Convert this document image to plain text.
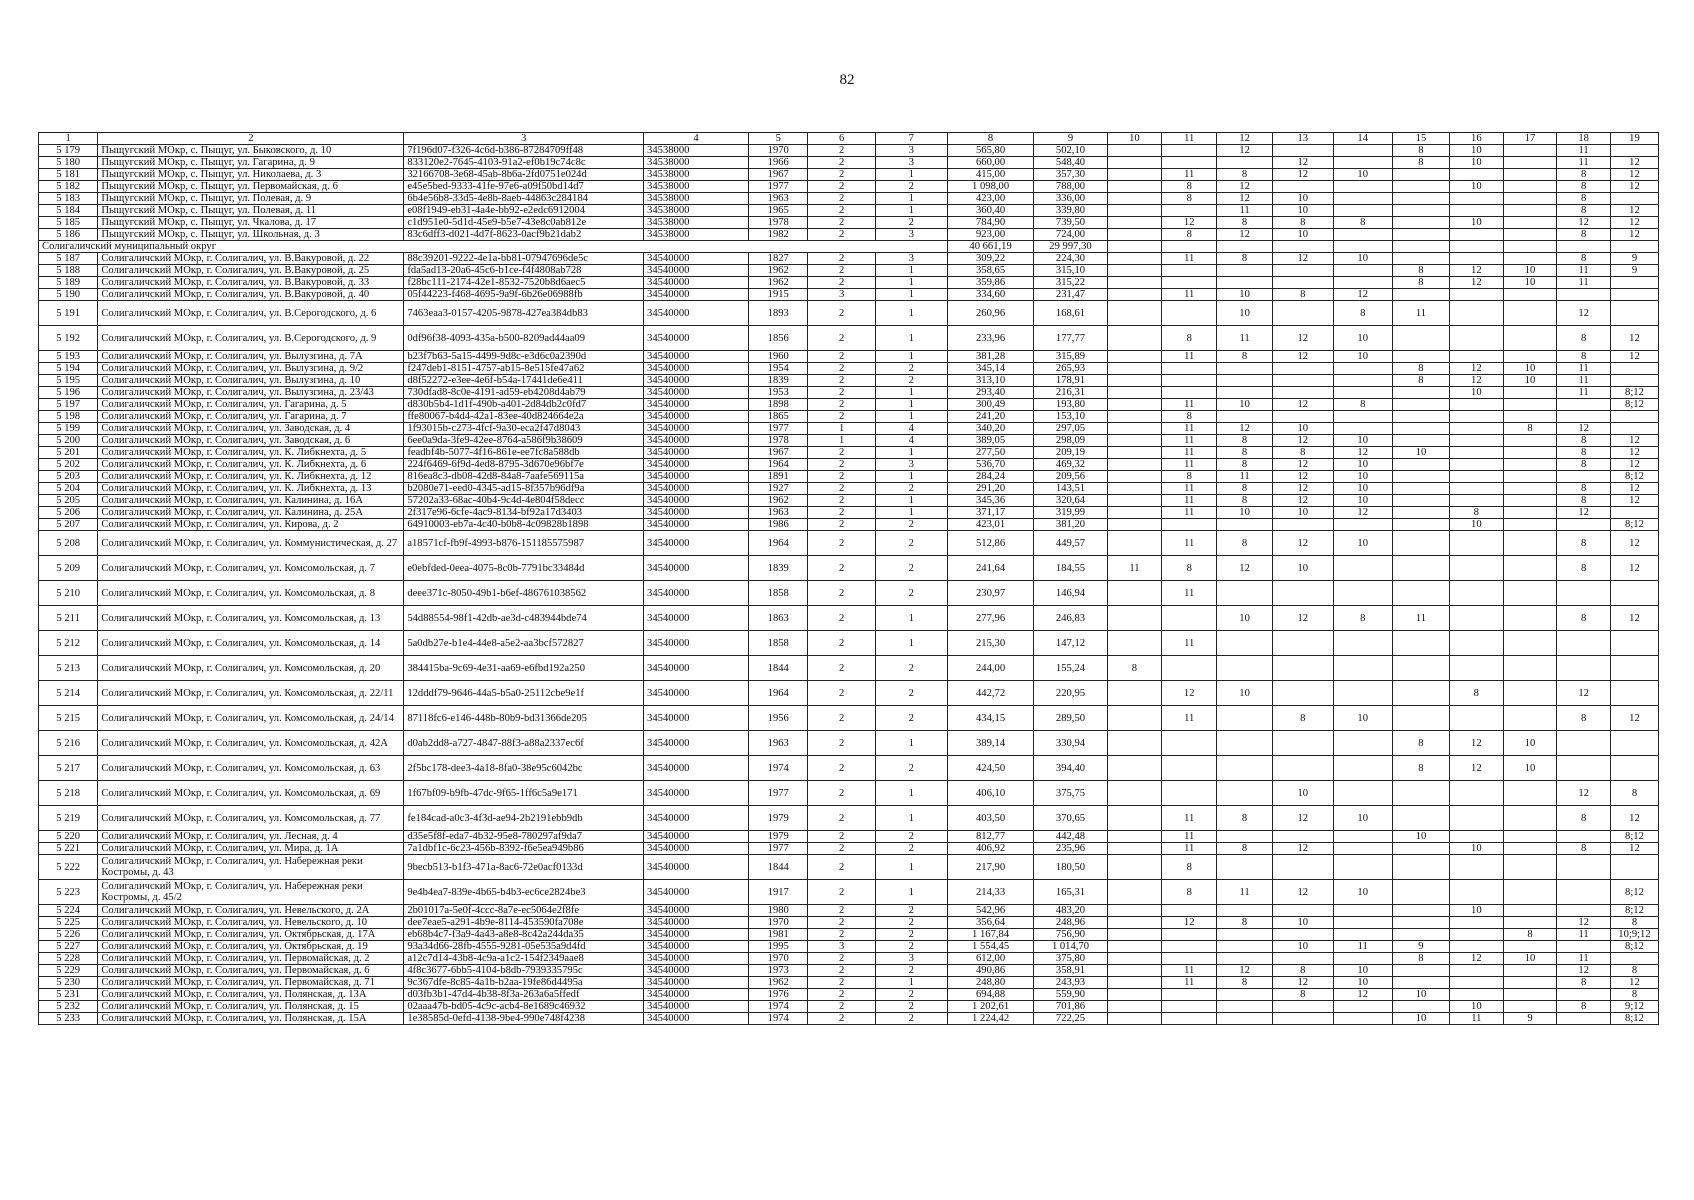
82
1	2	3	4	5	6	7	8	9	10	11	12	13	14	15	16	17	18	19
5 179	Пыщугский МОкр, с. Пыщуг, ул. Быковского, д. 10	7f196d07-f326-4c6d-b386-87284709ff48	34538000	1970	2	3	565,80	502,10			12			8	10		11	
5 180	Пыщугский МОкр, с. Пыщуг, ул. Гагарина, д. 9	833120e2-7645-4103-91a2-ef0b19c74c8c	34538000	1966	2	3	660,00	548,40				12		8	10		11	12
5 181	Пыщугский МОкр, с. Пыщуг, ул. Николаева, д. 3	32166708-3e68-45ab-8b6a-2fd0751e024d	34538000	1967	2	1	415,00	357,30		11	8	12	10				8	12
5 182	Пыщугский МОкр, с. Пыщуг, ул. Первомайская, д. 6	e45e5bed-9333-41fe-97e6-a09f50bd14d7	34538000	1977	2	2	1 098,00	788,00		8	12				10		8	12
5 183	Пыщугский МОкр, с. Пыщуг, ул. Полевая, д. 9	6b4e56b8-33d5-4e8b-8aeb-44863c284184	34538000	1963	2	1	423,00	336,00		8	12	10					8	
5 184	Пыщугский МОкр, с. Пыщуг, ул. Полевая, д. 11	e08f1949-eb31-4a4e-bb92-e2edc6912004	34538000	1965	2	1	360,40	339,80			11	10					8	12
5 185	Пыщугский МОкр, с. Пыщуг, ул. Чкалова, д. 17	c1d951e0-5d1d-45e9-b5e7-43e8c0ab812e	34538000	1978	2	2	784,90	739,50		12	8	8	8		10		12	12
5 186	Пыщугский МОкр, с. Пыщуг, ул. Школьная, д. 3	83c6dff3-d021-4d7f-8623-0acf9b21dab2	34538000	1982	2	3	923,00	724,00		8	12	10					8	12
Солигаличский муниципальный округ							40 661,19	29 997,30										
5 187	Солигаличский МОкр, г. Солигалич, ул. В.Вакуровой, д. 22	88c39201-9222-4e1a-bb81-07947696de5c	34540000	1827	2	3	309,22	224,30		11	8	12	10				8	9
5 188	Солигаличский МОкр, г. Солигалич, ул. В.Вакуровой, д. 25	fda5ad13-20a6-45c6-b1ce-f4f4808ab728	34540000	1962	2	1	358,65	315,10						8	12	10	11	9
5 189	Солигаличский МОкр, г. Солигалич, ул. В.Вакуровой, д. 33	f28bc111-2174-42e1-8532-7520b8d6aec5	34540000	1962	2	1	359,86	315,22						8	12	10	11	
5 190	Солигаличский МОкр, г. Солигалич, ул. В.Вакуровой, д. 40	05f44223-f468-4695-9a9f-6b26e06988fb	34540000	1915	3	1	334,60	231,47		11	10	8	12					
5 191	Солигаличский МОкр, г. Солигалич, ул. В.Серогодского, д. 6	7463eaa3-0157-4205-9878-427ea384db83	34540000	1893	2	1	260,96	168,61			10		8	11			12	
5 192	Солигаличский МОкр, г. Солигалич, ул. В.Серогодского, д. 9	0df96f38-4093-435a-b500-8209ad44aa09	34540000	1856	2	1	233,96	177,77		8	11	12	10				8	12
5 193	Солигаличский МОкр, г. Солигалич, ул. Вылузгина, д. 7А	b23f7b63-5a15-4499-9d8c-e3d6c0a2390d	34540000	1960	2	1	381,28	315,89		11	8	12	10				8	12
5 194	Солигаличский МОкр, г. Солигалич, ул. Вылузгина, д. 9/2	f247deb1-8151-4757-ab15-8e515fe47a62	34540000	1954	2	2	345,14	265,93						8	12	10	11	
5 195	Солигаличский МОкр, г. Солигалич, ул. Вылузгина, д. 10	d8f52272-e3ee-4e6f-b54a-17441de6e411	34540000	1839	2	2	313,10	178,91						8	12	10	11	
5 196	Солигаличский МОкр, г. Солигалич, ул. Вылузгина, д. 23/43	730dfad8-8c0e-4191-ad59-eb4208d4ab79	34540000	1953	2	1	293,40	216,31							10		11	8;12
5 197	Солигаличский МОкр, г. Солигалич, ул. Гагарина, д. 5	d830b5b4-1d1f-490b-a401-2d84db2c0fd7	34540000	1898	2	1	300,49	193,80		11	10	12	8					8;12
5 198	Солигаличский МОкр, г. Солигалич, ул. Гагарина, д. 7	ffe80067-b4d4-42a1-83ee-40d824664e2a	34540000	1865	2	1	241,20	153,10		8								
5 199	Солигаличский МОкр, г. Солигалич, ул. Заводская, д. 4	1f93015b-c273-4fcf-9a30-eca2f47d8043	34540000	1977	1	4	340,20	297,05		11	12	10				8	12	
5 200	Солигаличский МОкр, г. Солигалич, ул. Заводская, д. 6	6ee0a9da-3fe9-42ee-8764-a586f9b38609	34540000	1978	1	4	389,05	298,09		11	8	12	10				8	12
5 201	Солигаличский МОкр, г. Солигалич, ул. К. Либкнехта, д. 5	feadbf4b-5077-4f16-861e-ee7fc8a588db	34540000	1967	2	1	277,50	209,19		11	8	8	12	10			8	12
5 202	Солигаличский МОкр, г. Солигалич, ул. К. Либкнехта, д. 6	224f6469-6f9d-4ed8-8795-3d670e96bf7e	34540000	1964	2	3	536,70	469,32		11	8	12	10				8	12
5 203	Солигаличский МОкр, г. Солигалич, ул. К. Либкнехта, д. 12	816ea8c3-db08-42d8-84a8-7aafe569115a	34540000	1891	2	1	284,24	209,56		8	11	12	10					8;12
5 204	Солигаличский МОкр, г. Солигалич, ул. К. Либкнехта, д. 13	b2080e71-eed0-4345-ad15-8f357b96df9a	34540000	1927	2	2	291,20	143,51		11	8	12	10				8	12
5 205	Солигаличский МОкр, г. Солигалич, ул. Калинина, д. 16А	57202a33-68ac-40b4-9c4d-4e804f58decc	34540000	1962	2	1	345,36	320,64		11	8	12	10				8	12
5 206	Солигаличский МОкр, г. Солигалич, ул. Калинина, д. 25А	2f317e96-6cfe-4ac9-8134-bf92a17d3403	34540000	1963	2	1	371,17	319,99		11	10	10	12		8		12	
5 207	Солигаличский МОкр, г. Солигалич, ул. Кирова, д. 2	64910003-eb7a-4c40-b0b8-4c09828b1898	34540000	1986	2	2	423,01	381,20							10			8;12
5 208	Солигаличский МОкр, г. Солигалич, ул. Коммунистическая, д. 27	a18571cf-fb9f-4993-b876-151185575987	34540000	1964	2	2	512,86	449,57		11	8	12	10				8	12
5 209	Солигаличский МОкр, г. Солигалич, ул. Комсомольская, д. 7	e0ebfded-0eea-4075-8c0b-7791bc33484d	34540000	1839	2	2	241,64	184,55	11	8	12	10					8	12
5 210	Солигаличский МОкр, г. Солигалич, ул. Комсомольская, д. 8	deee371c-8050-49b1-b6ef-486761038562	34540000	1858	2	2	230,97	146,94		11								
5 211	Солигаличский МОкр, г. Солигалич, ул. Комсомольская, д. 13	54d88554-98f1-42db-ae3d-c483944bde74	34540000	1863	2	1	277,96	246,83			10	12	8	11			8	12
5 212	Солигаличский МОкр, г. Солигалич, ул. Комсомольская, д. 14	5a0db27e-b1e4-44e8-a5e2-aa3bcf572827	34540000	1858	2	1	215,30	147,12		11								
5 213	Солигаличский МОкр, г. Солигалич, ул. Комсомольская, д. 20	384415ba-9c69-4e31-aa69-e6fbd192a250	34540000	1844	2	2	244,00	155,24	8									
5 214	Солигаличский МОкр, г. Солигалич, ул. Комсомольская, д. 22/11	12dddf79-9646-44a5-b5a0-25112cbe9e1f	34540000	1964	2	2	442,72	220,95		12	10				8		12	
5 215	Солигаличский МОкр, г. Солигалич, ул. Комсомольская, д. 24/14	87118fc6-e146-448b-80b9-bd31366de205	34540000	1956	2	2	434,15	289,50		11		8	10				8	12
5 216	Солигаличский МОкр, г. Солигалич, ул. Комсомольская, д. 42А	d0ab2dd8-a727-4847-88f3-a88a2337ec6f	34540000	1963	2	1	389,14	330,94						8	12	10		
5 217	Солигаличский МОкр, г. Солигалич, ул. Комсомольская, д. 63	2f5bc178-dee3-4a18-8fa0-38e95c6042bc	34540000	1974	2	2	424,50	394,40						8	12	10		
5 218	Солигаличский МОкр, г. Солигалич, ул. Комсомольская, д. 69	1f67bf09-b9fb-47dc-9f65-1ff6c5a9e171	34540000	1977	2	1	406,10	375,75				10					12	8
5 219	Солигаличский МОкр, г. Солигалич, ул. Комсомольская, д. 77	fe184cad-a0c3-4f3d-ae94-2b2191ebb9db	34540000	1979	2	1	403,50	370,65		11	8	12	10				8	12
5 220	Солигаличский МОкр, г. Солигалич, ул. Лесная, д. 4	d35e5f8f-eda7-4b32-95e8-780297af9da7	34540000	1979	2	2	812,77	442,48		11				10				8;12
5 221	Солигаличский МОкр, г. Солигалич, ул. Мира, д. 1А	7a1dbf1c-6c23-456b-8392-f6e5ea949b86	34540000	1977	2	2	406,92	235,96		11	8	12			10		8	12
5 222	Солигаличский МОкр, г. Солигалич, ул. Набережная реки Костромы, д. 43	9becb513-b1f3-471a-8ac6-72e0acf0133d	34540000	1844	2	1	217,90	180,50		8								
5 223	Солигаличский МОкр, г. Солигалич, ул. Набережная реки Костромы, д. 45/2	9e4b4ea7-839e-4b65-b4b3-ec6ce2824be3	34540000	1917	2	1	214,33	165,31		8	11	12	10					8;12
5 224	Солигаличский МОкр, г. Солигалич, ул. Невельского, д. 2А	2b01017a-5e0f-4ccc-8a7e-ec5064e2f8fe	34540000	1980	2	2	542,96	483,20							10			8;12
5 225	Солигаличский МОкр, г. Солигалич, ул. Невельского, д. 10	dee7eae5-a291-4b9e-8114-453590fa708e	34540000	1970	2	2	356,64	248,96		12	8	10					12	8
5 226	Солигаличский МОкр, г. Солигалич, ул. Октябрьская, д. 17А	eb68b4c7-f3a9-4a43-a8e8-8c42a244da35	34540000	1981	2	2	1 167,84	756,90								8	11	10;9;12
5 227	Солигаличский МОкр, г. Солигалич, ул. Октябрьская, д. 19	93a34d66-28fb-4555-9281-05e535a9d4fd	34540000	1995	3	2	1 554,45	1 014,70				10	11	9				8;12
5 228	Солигаличский МОкр, г. Солигалич, ул. Первомайская, д. 2	a12c7d14-43b8-4c9a-a1c2-154f2349aae8	34540000	1970	2	3	612,00	375,80						8	12	10	11	
5 229	Солигаличский МОкр, г. Солигалич, ул. Первомайская, д. 6	4f8c3677-6bb5-4104-b8db-7939335795c	34540000	1973	2	2	490,86	358,91		11	12	8	10				12	8
5 230	Солигаличский МОкр, г. Солигалич, ул. Первомайская, д. 71	9c367dfe-8c85-4a1b-b2aa-19fe86d4495a	34540000	1962	2	1	248,80	243,93		11	8	12	10				8	12
5 231	Солигаличский МОкр, г. Солигалич, ул. Полянская, д. 13А	d03fb3b1-47d4-4b38-8f3a-263a6a5ffedf	34540000	1976	2	2	694,88	559,90				8	12	10				8
5 232	Солигаличский МОкр, г. Солигалич, ул. Полянская, д. 15	02aaa47b-bd05-4c9c-acb4-8e1689c46932	34540000	1974	2	2	1 202,61	701,86							10		8	9;12
5 233	Солигаличский МОкр, г. Солигалич, ул. Полянская, д. 15А	1e38585d-0efd-4138-9be4-990e748f4238	34540000	1974	2	2	1 224,42	722,25						10	11	9		8;12
